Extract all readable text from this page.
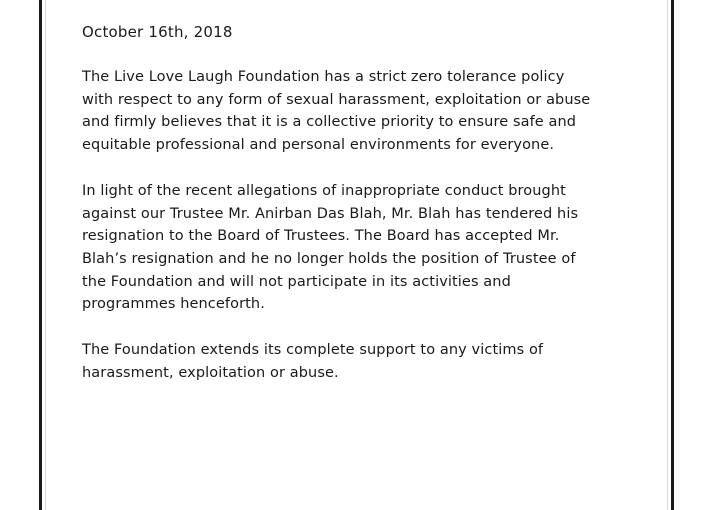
October 16th, 2018
The Live Love Laugh Foundation has a strict zero tolerance policy
with respect to any form of sexual harassment, exploitation or abuse
and firmly believes that it is a collective priority to ensure safe and
equitable professional and personal environments for everyone.
In light of the recent allegations of inappropriate conduct brought
against our Trustee Mr. Anirban Das Blah, Mr. Blah has tendered his
resignation to the Board of Trustees. The Board has accepted Mr.
Blah’s resignation and he no longer holds the position of Trustee of
the Foundation and will not participate in its activities and
programmes henceforth.
The Foundation extends its complete support to any victims of
harassment, exploitation or abuse.
